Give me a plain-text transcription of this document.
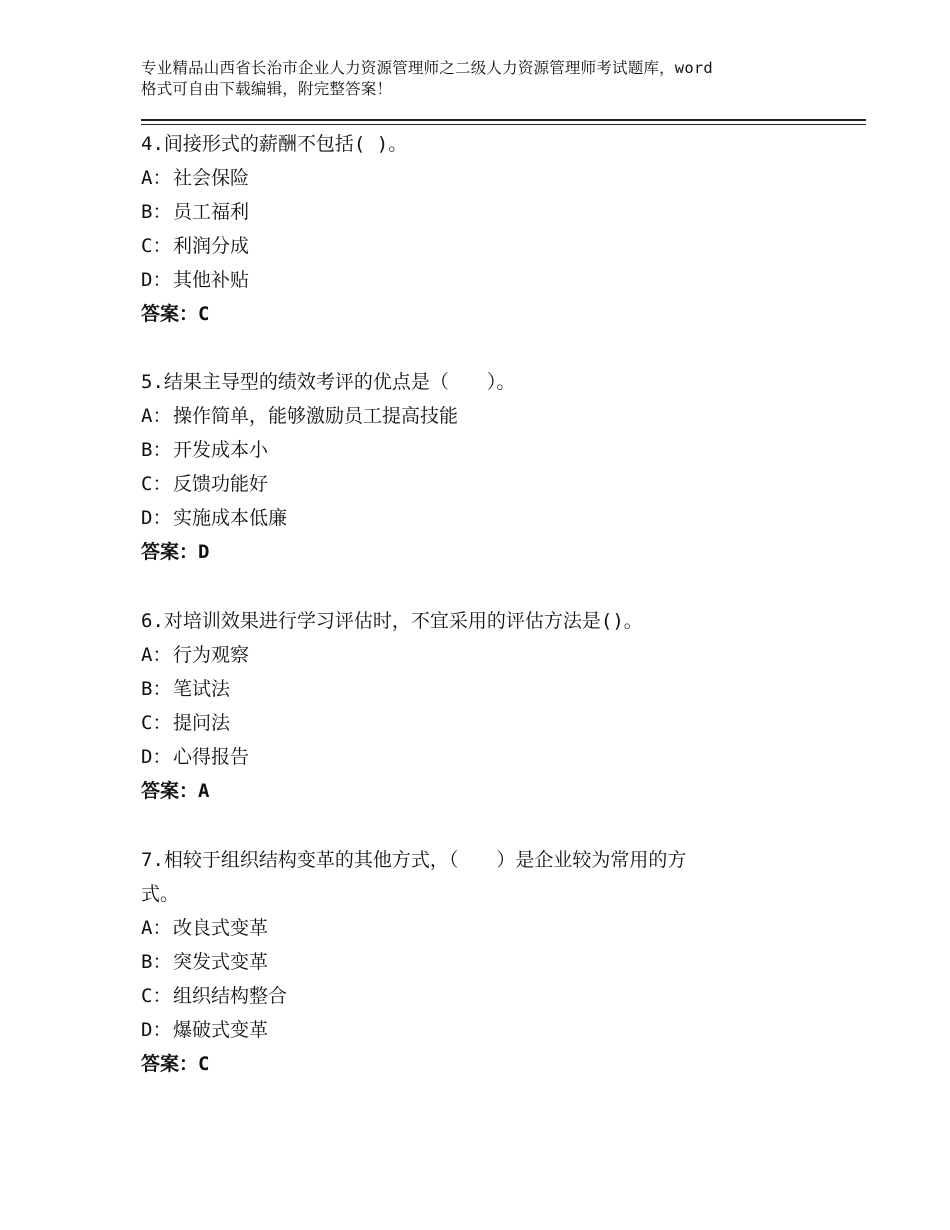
专业精品山西省长治市企业人力资源管理师之二级人力资源管理师考试题库，word
格式可自由下载编辑，附完整答案！
4.间接形式的薪酬不包括( )。
A：社会保险
B：员工福利
C：利润分成
D：其他补贴
答案：C
5.结果主导型的绩效考评的优点是（　　）。
A：操作简单，能够激励员工提高技能
B：开发成本小
C：反馈功能好
D：实施成本低廉
答案：D
6.对培训效果进行学习评估时，不宜采用的评估方法是()。
A：行为观察
B：笔试法
C：提问法
D：心得报告
答案：A
7.相较于组织结构变革的其他方式，（　　）是企业较为常用的方
式。
A：改良式变革
B：突发式变革
C：组织结构整合
D：爆破式变革
答案：C
